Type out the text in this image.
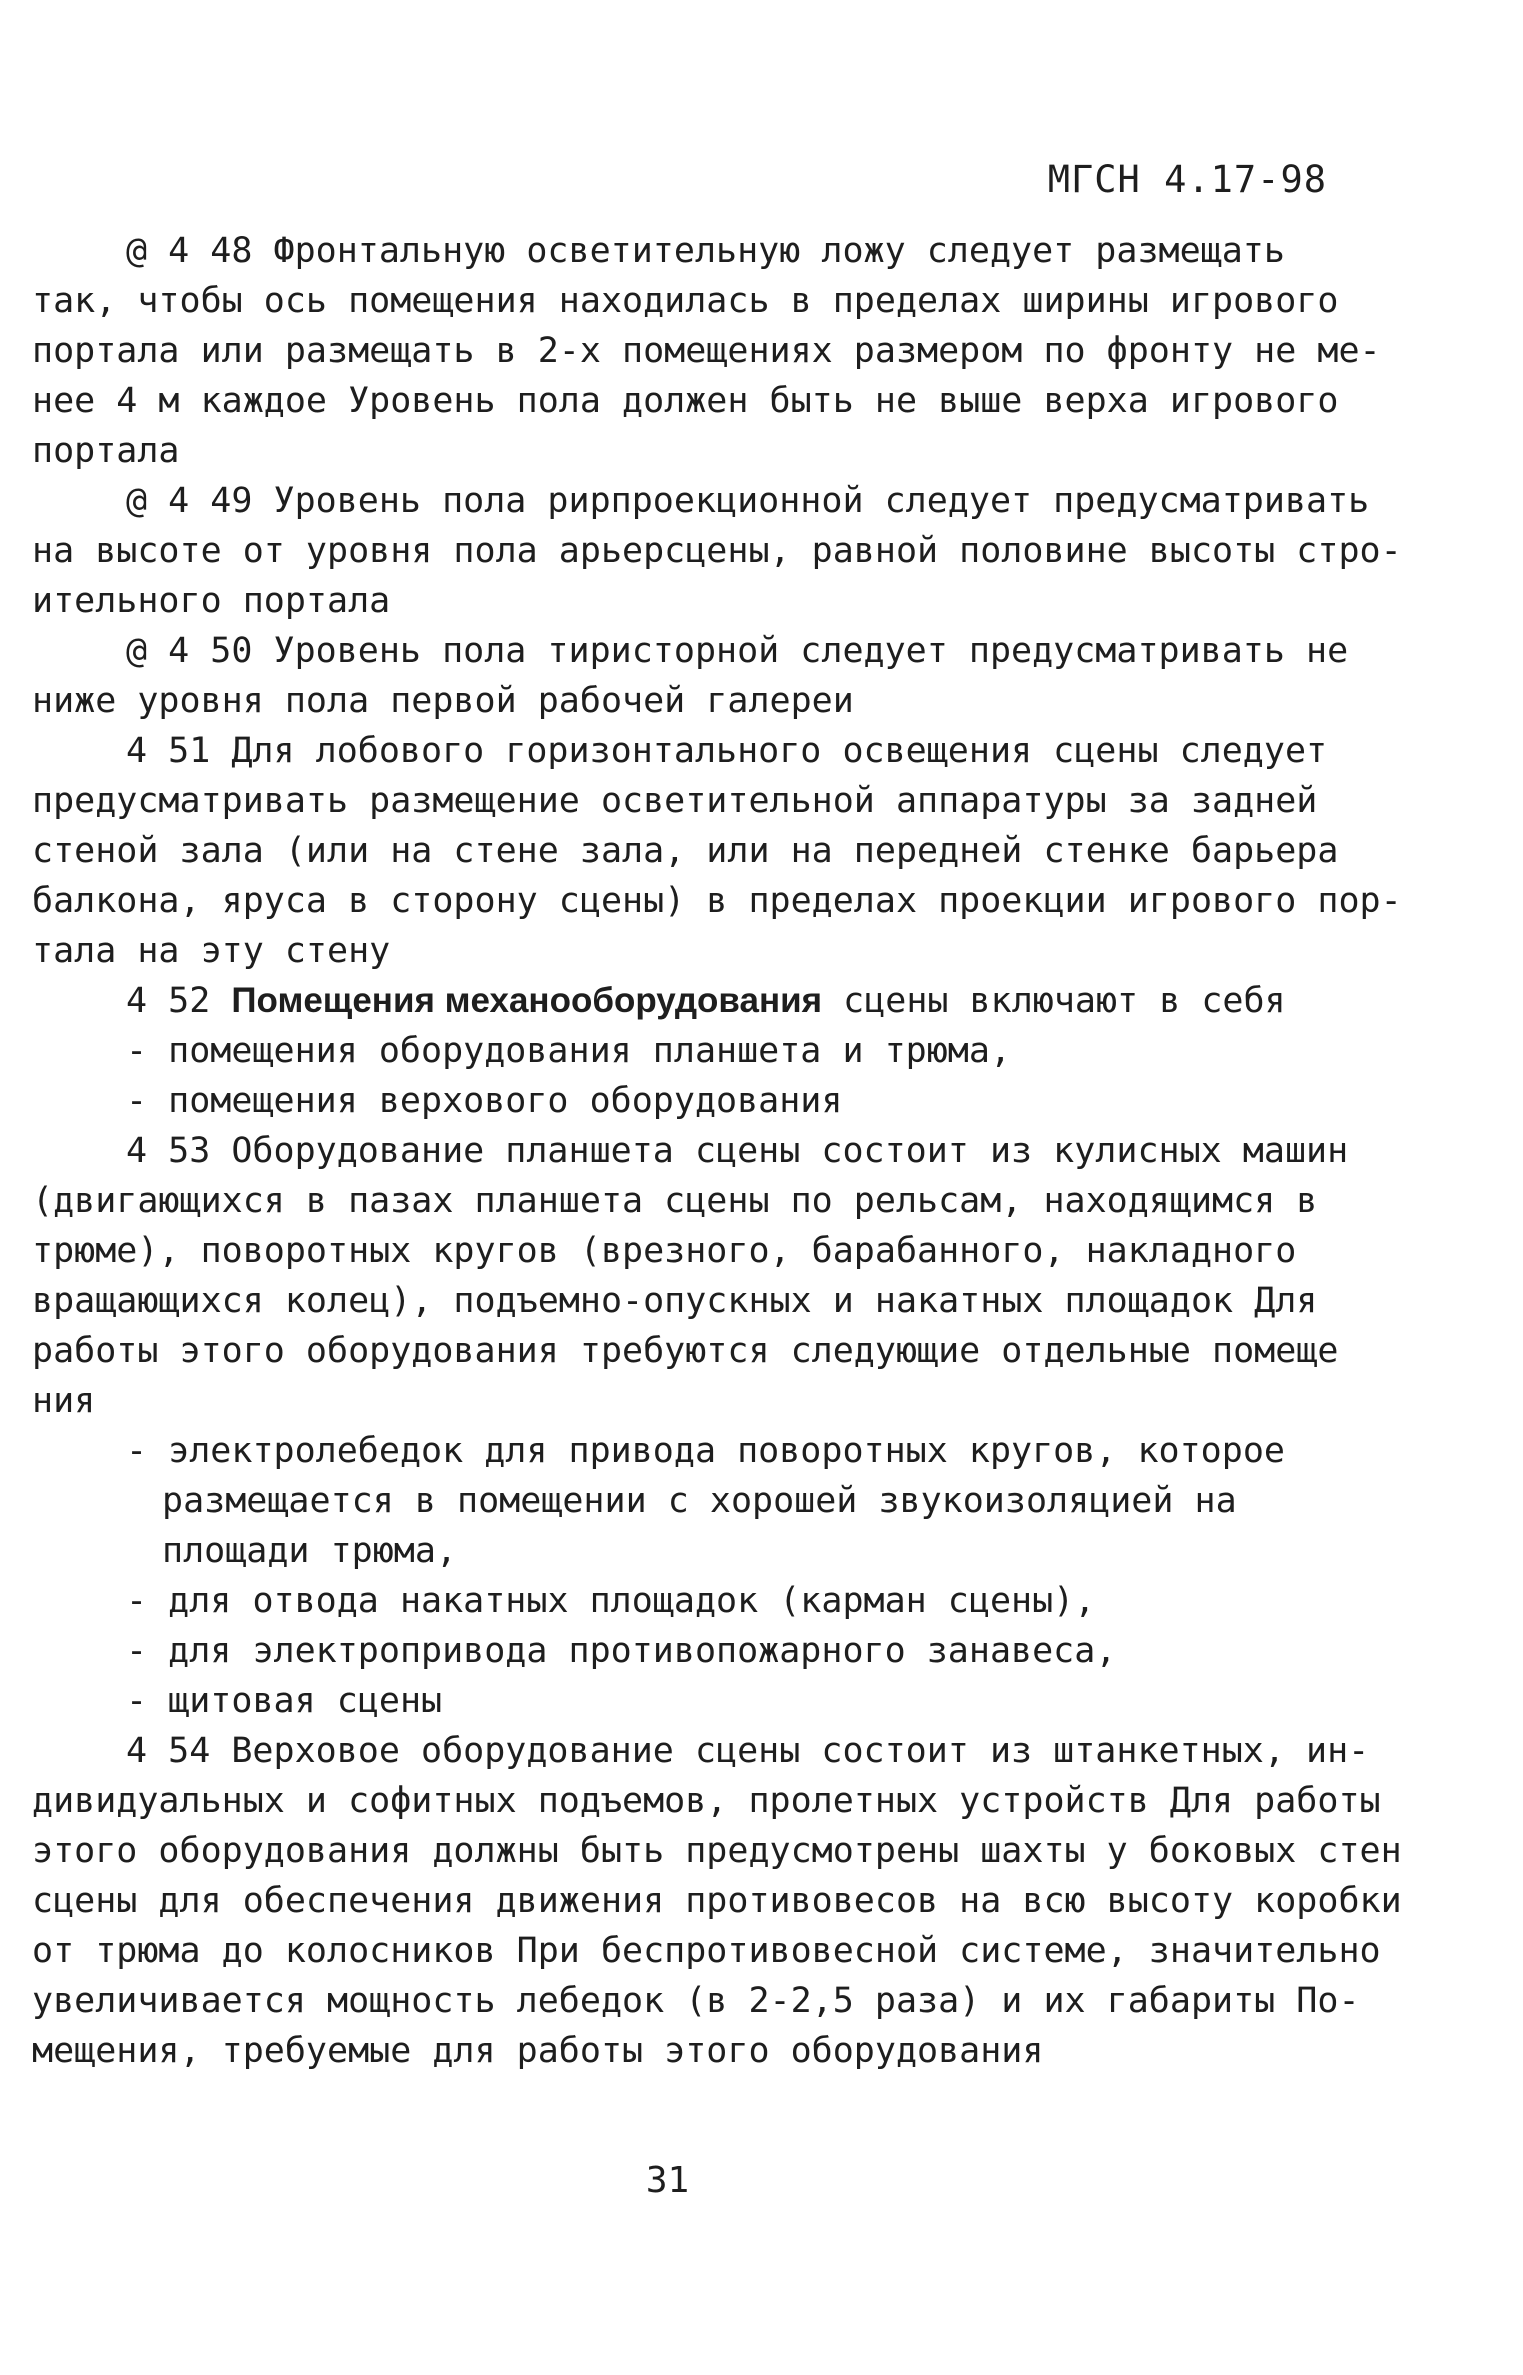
МГСН 4.17-98
@ 4 48 Фронтальную осветительную ложу следует размещать
так, чтобы ось помещения находилась в пределах ширины игрового
портала или размещать в 2-х помещениях размером по фронту не ме-
нее 4 м каждое Уровень пола должен быть не выше верха игрового
портала
@ 4 49 Уровень пола рирпроекционной следует предусматривать
на высоте от уровня пола арьерсцены, равной половине высоты стро-
ительного портала
@ 4 50 Уровень пола тиристорной следует предусматривать не
ниже уровня пола первой рабочей галереи
4 51 Для лобового горизонтального освещения сцены следует
предусматривать размещение осветительной аппаратуры за задней
стеной зала (или на стене зала, или на передней стенке барьера
балкона, яруса в сторону сцены) в пределах проекции игрового пор-
тала на эту стену
4 52 Помещения механооборудования сцены включают в себя
- помещения оборудования планшета и трюма,
- помещения верхового оборудования
4 53 Оборудование планшета сцены состоит из кулисных машин
(двигающихся в пазах планшета сцены по рельсам, находящимся в
трюме), поворотных кругов (врезного, барабанного, накладного
вращающихся колец), подъемно-опускных и накатных площадок Для
работы этого оборудования требуются следующие отдельные помеще
ния
- электролебедок для привода поворотных кругов, которое
размещается в помещении с хорошей звукоизоляцией на
площади трюма,
- для отвода накатных площадок (карман сцены),
- для электропривода противопожарного занавеса,
- щитовая сцены
4 54 Верховое оборудование сцены состоит из штанкетных, ин-
дивидуальных и софитных подъемов, пролетных устройств Для работы
этого оборудования должны быть предусмотрены шахты у боковых стен
сцены для обеспечения движения противовесов на всю высоту коробки
от трюма до колосников При беспротивовесной системе, значительно
увеличивается мощность лебедок (в 2-2,5 раза) и их габариты По-
мещения, требуемые для работы этого оборудования
31
